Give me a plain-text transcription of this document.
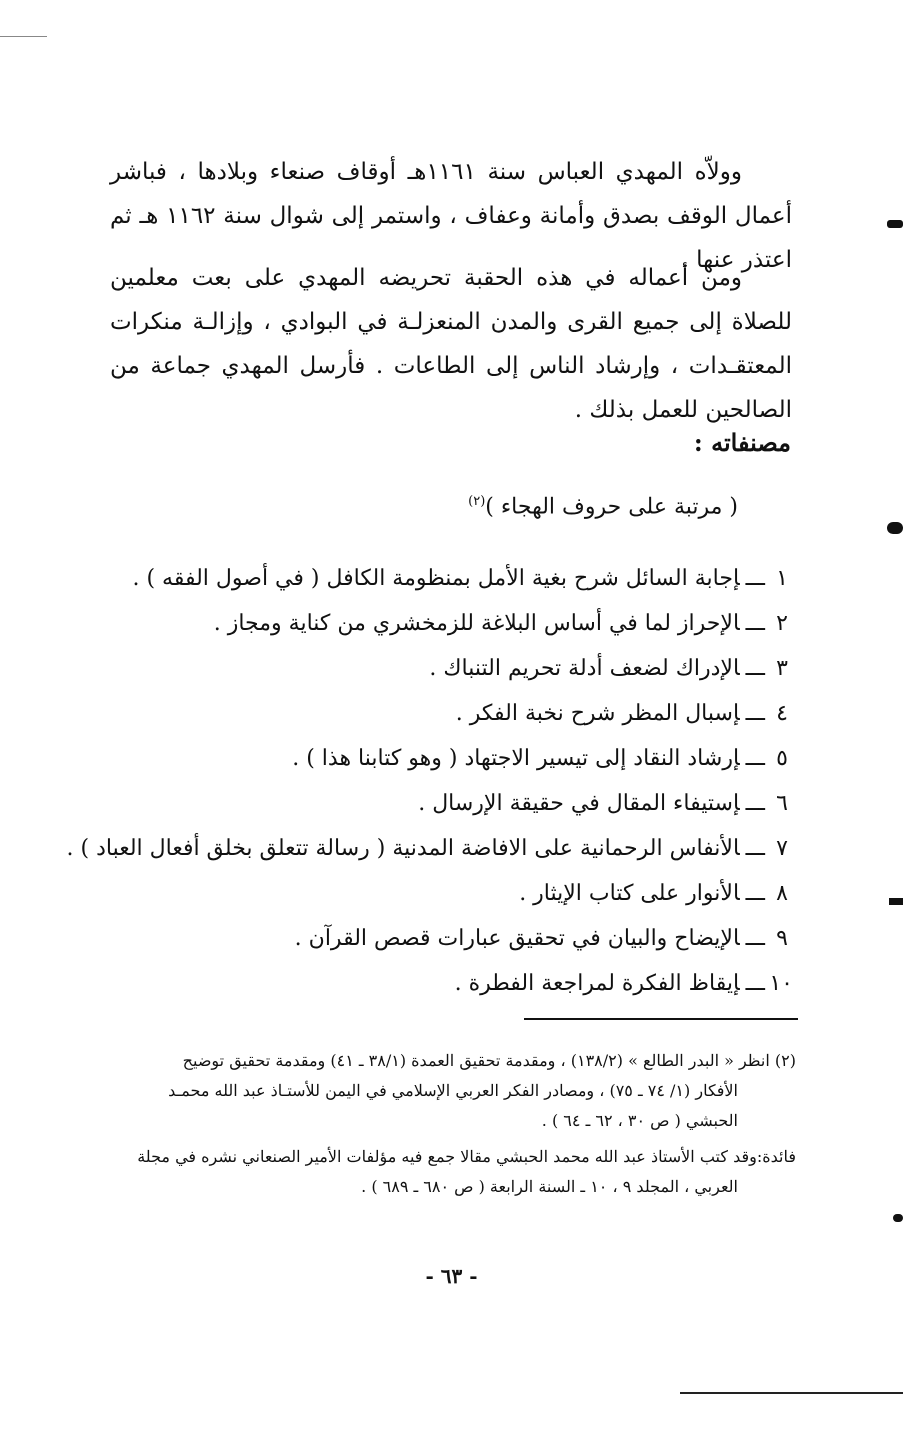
وولاّه المهدي العباس سنة ١١٦١هـ أوقاف صنعاء وبلادها ، فباشر أعمال الوقف بصدق وأمانة وعفاف ، واستمر إلى شوال سنة ١١٦٢ هـ ثم اعتذر عنها .

ومن أعماله في هذه الحقبة تحريضه المهدي على بعت معلمين للصلاة إلى جميع القرى والمدن المنعزلـة في البوادي ، وإزالـة منكرات المعتقـدات ، وإرشاد الناس إلى الطاعات . فأرسل المهدي جماعة من الصالحين للعمل بذلك .

مصنفاته :
( مرتبة على حروف الهجاء )$^{(٢)}$
١ـــإجابة السائل شرح بغية الأمل بمنظومة الكافل ( في أصول الفقه ) .
٢ـــالإحراز لما في أساس البلاغة للزمخشري من كناية ومجاز .
٣ـــالإدراك لضعف أدلة تحريم التنباك .
٤ـــإسبال المظر شرح نخبة الفكر .
٥ـــإرشاد النقاد إلى تيسير الاجتهاد ( وهو كتابنا هذا ) .
٦ـــإستيفاء المقال في حقيقة الإرسال .
٧ـــالأنفاس الرحمانية على الافاضة المدنية ( رسالة تتعلق بخلق أفعال العباد ) .
٨ـــالأنوار على كتاب الإيثار .
٩ـــالإيضاح والبيان في تحقيق عبارات قصص القرآن .
١٠ـــإيقاظ الفكرة لمراجعة الفطرة .
(٢) انظر « البدر الطالع » (١٣٨/٢) ، ومقدمة تحقيق العمدة (٣٨/١ ـ ٤١) ومقدمة تحقيق توضيح
الأفكار (١/ ٧٤ ـ ٧٥) ، ومصادر الفكر العربي الإسلامي في اليمن للأستـاذ عبد الله محمـد
الحبشي ( ص ٣٠ ، ٦٢ ـ ٦٤ ) .
فائدة:وقد كتب الأستاذ عبد الله محمد الحبشي مقالا جمع فيه مؤلفات الأمير الصنعاني نشره في مجلة
العربي ، المجلد ٩ ، ١٠ ـ السنة الرابعة ( ص ٦٨٠ ـ ٦٨٩ ) .
- ٦٣ -
